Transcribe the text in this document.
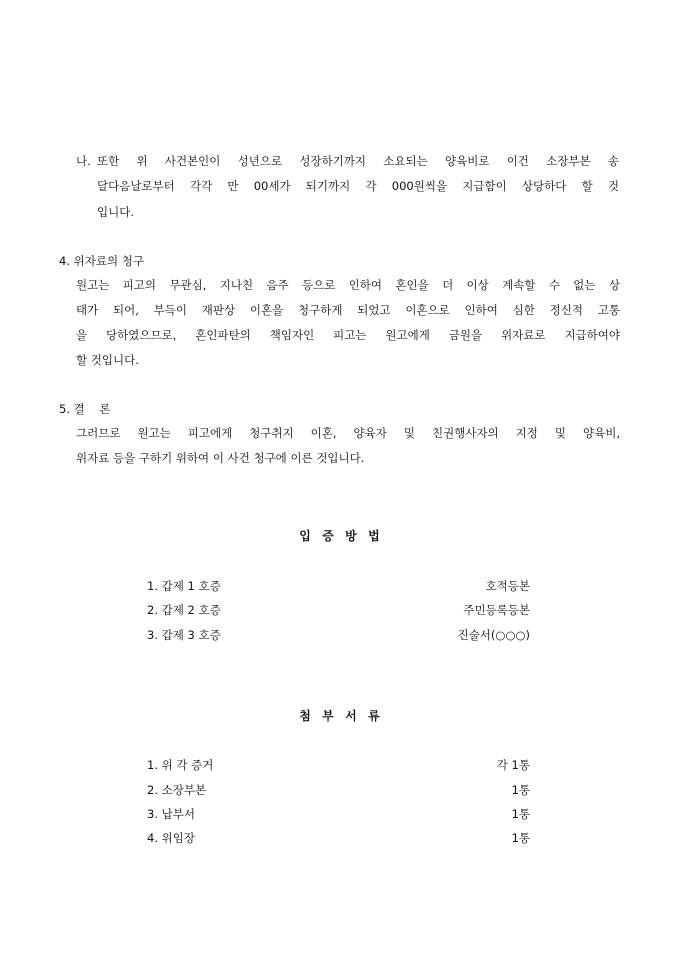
나. 또한 위 사건본인이 성년으로 성장하기까지 소요되는 양육비로 이건 소장부본 송
달다음날로부터 각각 만 00세가 되기까지 각 000원씩을 지급함이 상당하다 할 것
입니다.
4. 위자료의 청구
원고는 피고의 무관심, 지나친 음주 등으로 인하여 혼인을 더 이상 계속할 수 없는 상
태가 되어, 부득이 재판상 이혼을 청구하게 되었고 이혼으로 인하여 심한 정신적 고통
을 당하였으므로, 혼인파탄의 책임자인 피고는 원고에게 금원을 위자료로 지급하여야
할 것입니다.
5. 결    론
그러므로 원고는 피고에게 청구취지 이혼, 양육자 및 친권행사자의 지정 및 양육비,
위자료 등을 구하기 위하여 이 사건 청구에 이른 것입니다.
입  증  방  법
1. 갑제 1 호증	호적등본
2. 갑제 2 호증	주민등록등본
3. 갑제 3 호증	진술서(○○○)
첨  부  서  류
1. 위 각 증거	각 1통
2. 소장부본	1통
3. 납부서	1통
4. 위임장	1통
